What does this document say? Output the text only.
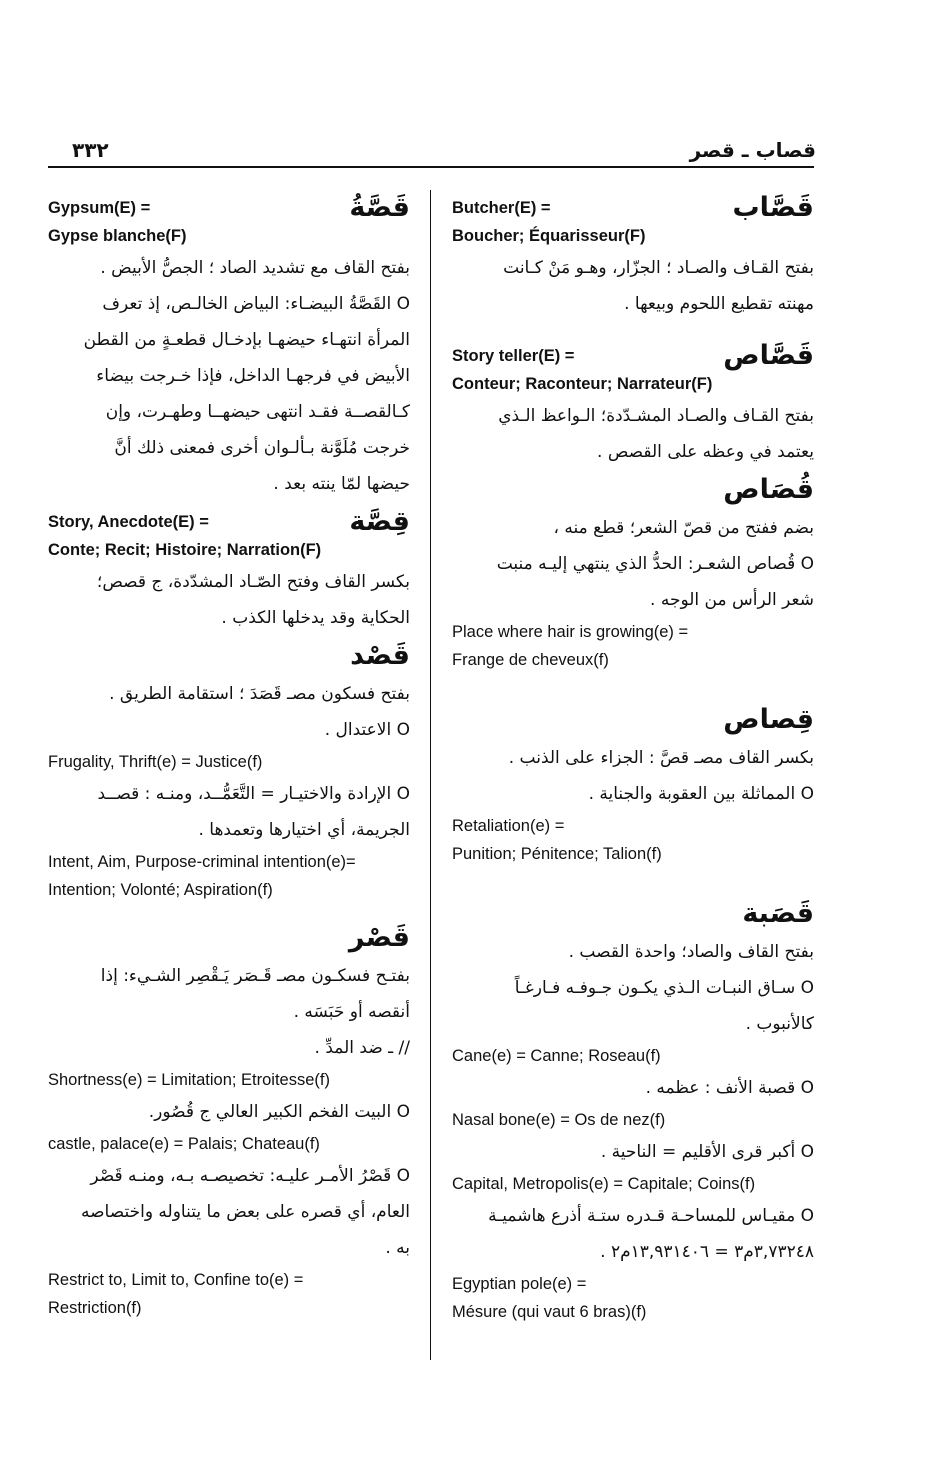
قصاب ـ قصر
٣٣٢
قَصَّاب
Butcher(E) =
Boucher; Équarisseur(F)
بفتح القـاف والصـاد ؛ الجزّار، وهـو مَنْ كـانت
مهنته تقطيع اللحوم وبيعها .
قَصَّاص
Story teller(E) =
Conteur; Raconteur; Narrateur(F)
بفتح القـاف والصـاد المشـدّدة؛ الـواعظ الـذي
يعتمد في وعظه على القصص .
قُصَاص
بضم ففتح من قصّ الشعر؛ قطع منه ،
O قُصاص الشعـر: الحدُّ الذي ينتهي إليـه منبت
شعر الرأس من الوجه .
Place where hair is growing(e) =
Frange de cheveux(f)
قِصاص
بكسر القاف مصـ قصَّ : الجزاء على الذنب .
O المماثلة بين العقوبة والجناية .
Retaliation(e) =
Punition; Pénitence; Talion(f)
قَصَبة
بفتح القاف والصاد؛ واحدة القصب .
O سـاق النبـات الـذي يكـون جـوفـه فـارغـاً
كالأنبوب .
Cane(e) = Canne; Roseau(f)
O قصبة الأنف : عظمه .
Nasal bone(e) = Os de nez(f)
O أكبر قرى الأقليم = الناحية .
Capital, Metropolis(e) = Capitale; Coins(f)
O مقيـاس للمساحـة قـدره ستـة أذرع هاشميـة
٣,٧٣٢٤٨م٣ = ١٣,٩٣١٤٠٦م٢ .
Egyptian pole(e) =
Mésure (qui vaut 6 bras)(f)
قَصَّةُ
Gypsum(E) =
Gypse blanche(F)
بفتح القاف مع تشديد الصاد ؛ الجصُّ الأبيض .
O القَصَّةُ البيضـاء: البياض الخالـص، إذ تعرف
المرأة انتهـاء حيضهـا بإدخـال قطعـةٍ من القطن
الأبيض في فرجهـا الداخل، فإذا خـرجت بيضاء
كـالقصــة فقـد انتهى حيضهــا وطهـرت، وإن
خرجت مُلَوَّنة بـألـوان أخرى فمعنى ذلك أنَّ
حيضها لمّا ينته بعد .
قِصَّة
Story, Anecdote(E) =
Conte; Recit; Histoire; Narration(F)
بكسر القاف وفتح الصّـاد المشدّدة، ج قصص؛
الحكاية وقد يدخلها الكذب .
قَصْد
بفتح فسكون مصـ قَصَدَ ؛ استقامة الطريق .
O الاعتدال .
Frugality, Thrift(e) = Justice(f)
O الإرادة والاختيـار = التَّعَمُّــد، ومنـه : قصــد
الجريمة، أي اختيارها وتعمدها .
Intent, Aim, Purpose-criminal intention(e)=
Intention; Volonté; Aspiration(f)
قَصْر
بفتـح فسكـون مصـ قَـصَر يَـقْصِر الشـيء: إذا
أنقصه أو حَبَسَه .
// ـ ضد المدِّ .
Shortness(e) = Limitation; Etroitesse(f)
O البيت الفخم الكبير العالي ج قُصُور.
castle, palace(e) = Palais; Chateau(f)
O قَصْرُ الأمـر عليـه: تخصيصـه بـه، ومنـه قَصْر
العام، أي قصره على بعض ما يتناوله واختصاصه
به .
Restrict to, Limit to, Confine to(e) =
Restriction(f)
